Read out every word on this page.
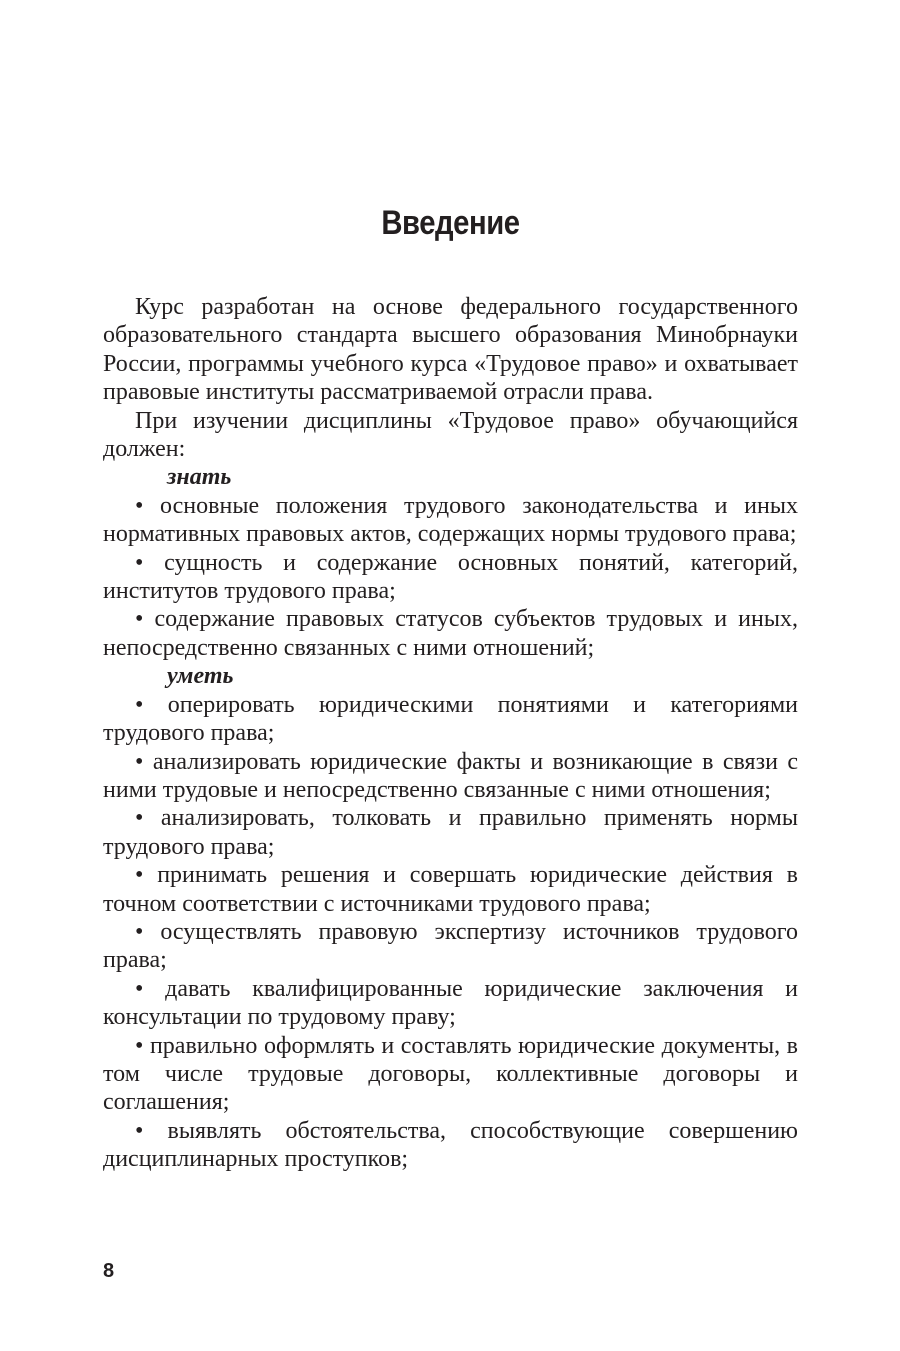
Введение

Курс разработан на основе федерального государственного образовательного стандарта высшего образования Минобрнауки России, программы учебного курса «Трудовое право» и охватывает правовые институты рассматриваемой отрасли права.

При изучении дисциплины «Трудовое право» обучающийся должен:

знать

• основные положения трудового законодательства и иных нормативных правовых актов, содержащих нормы трудового права;

• сущность и содержание основных понятий, категорий, институтов трудового права;

• содержание правовых статусов субъектов трудовых и иных, непосредственно связанных с ними отношений;

уметь

• оперировать юридическими понятиями и категориями трудового права;

• анализировать юридические факты и возникающие в связи с ними трудовые и непосредственно связанные с ними отношения;

• анализировать, толковать и правильно применять нормы трудового права;

• принимать решения и совершать юридические действия в точном соответствии с источниками трудового права;

• осуществлять правовую экспертизу источников трудового права;

• давать квалифицированные юридические заключения и консультации по трудовому праву;

• правильно оформлять и составлять юридические документы, в том числе трудовые договоры, коллективные договоры и соглашения;

• выявлять обстоятельства, способствующие совершению дисциплинарных проступков;

8
